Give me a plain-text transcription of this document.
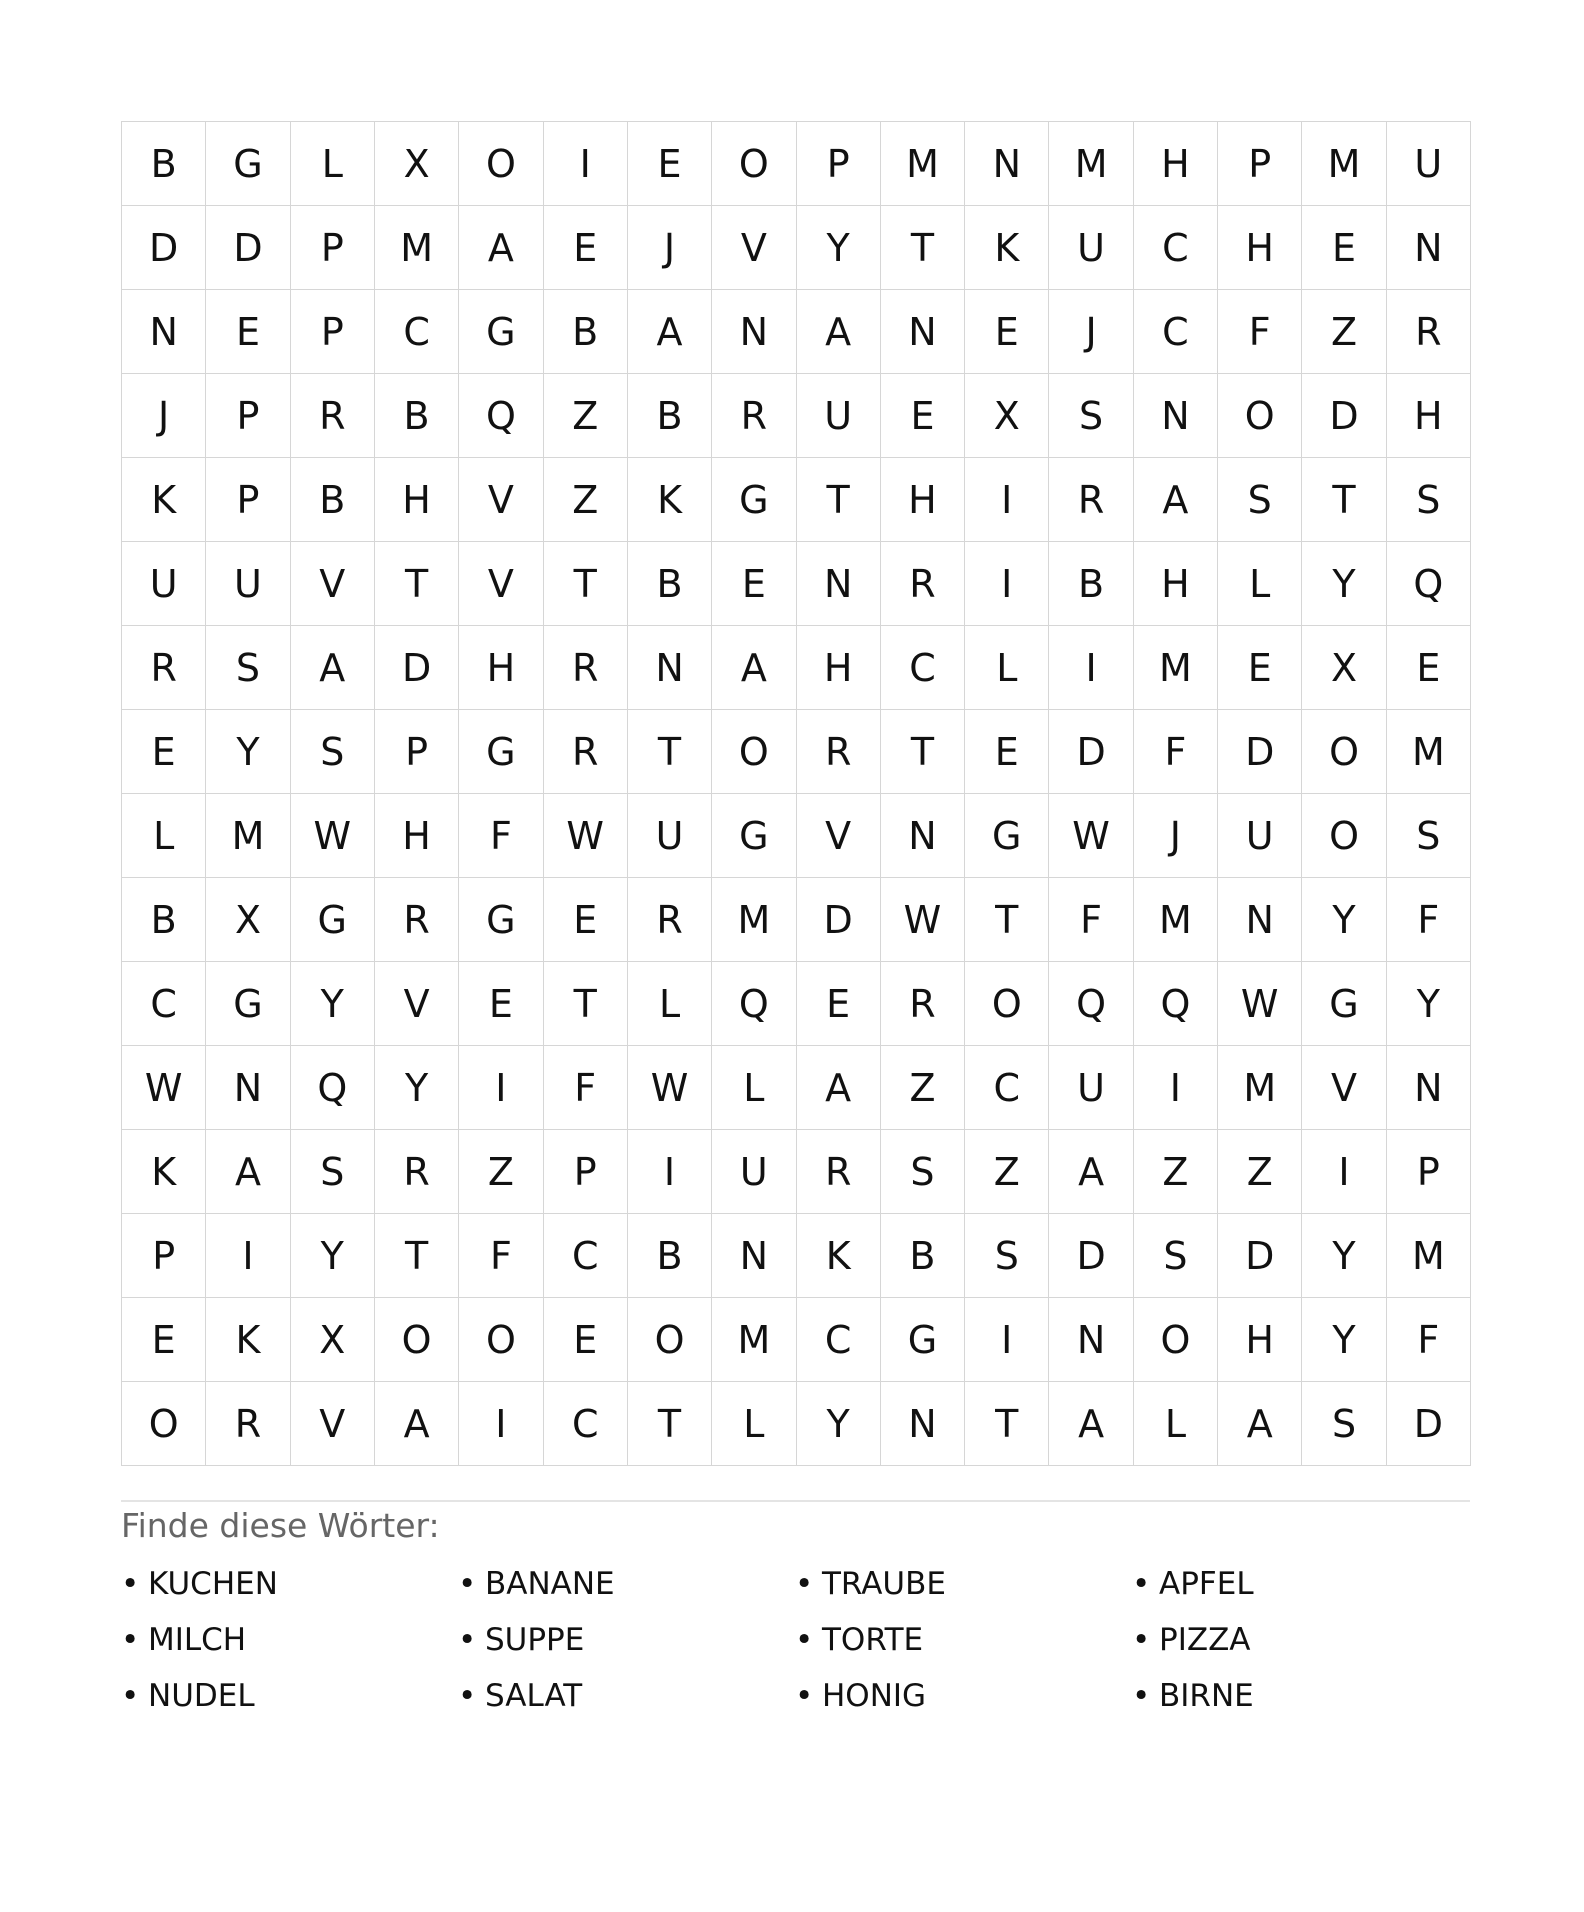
B	G	L	X	O	I	E	O	P	M	N	M	H	P	M	U
D	D	P	M	A	E	J	V	Y	T	K	U	C	H	E	N
N	E	P	C	G	B	A	N	A	N	E	J	C	F	Z	R
J	P	R	B	Q	Z	B	R	U	E	X	S	N	O	D	H
K	P	B	H	V	Z	K	G	T	H	I	R	A	S	T	S
U	U	V	T	V	T	B	E	N	R	I	B	H	L	Y	Q
R	S	A	D	H	R	N	A	H	C	L	I	M	E	X	E
E	Y	S	P	G	R	T	O	R	T	E	D	F	D	O	M
L	M	W	H	F	W	U	G	V	N	G	W	J	U	O	S
B	X	G	R	G	E	R	M	D	W	T	F	M	N	Y	F
C	G	Y	V	E	T	L	Q	E	R	O	Q	Q	W	G	Y
W	N	Q	Y	I	F	W	L	A	Z	C	U	I	M	V	N
K	A	S	R	Z	P	I	U	R	S	Z	A	Z	Z	I	P
P	I	Y	T	F	C	B	N	K	B	S	D	S	D	Y	M
E	K	X	O	O	E	O	M	C	G	I	N	O	H	Y	F
O	R	V	A	I	C	T	L	Y	N	T	A	L	A	S	D
Finde diese Wörter:
• KUCHEN	• BANANE	• TRAUBE	• APFEL
• MILCH	• SUPPE	• TORTE	• PIZZA
• NUDEL	• SALAT	• HONIG	• BIRNE
